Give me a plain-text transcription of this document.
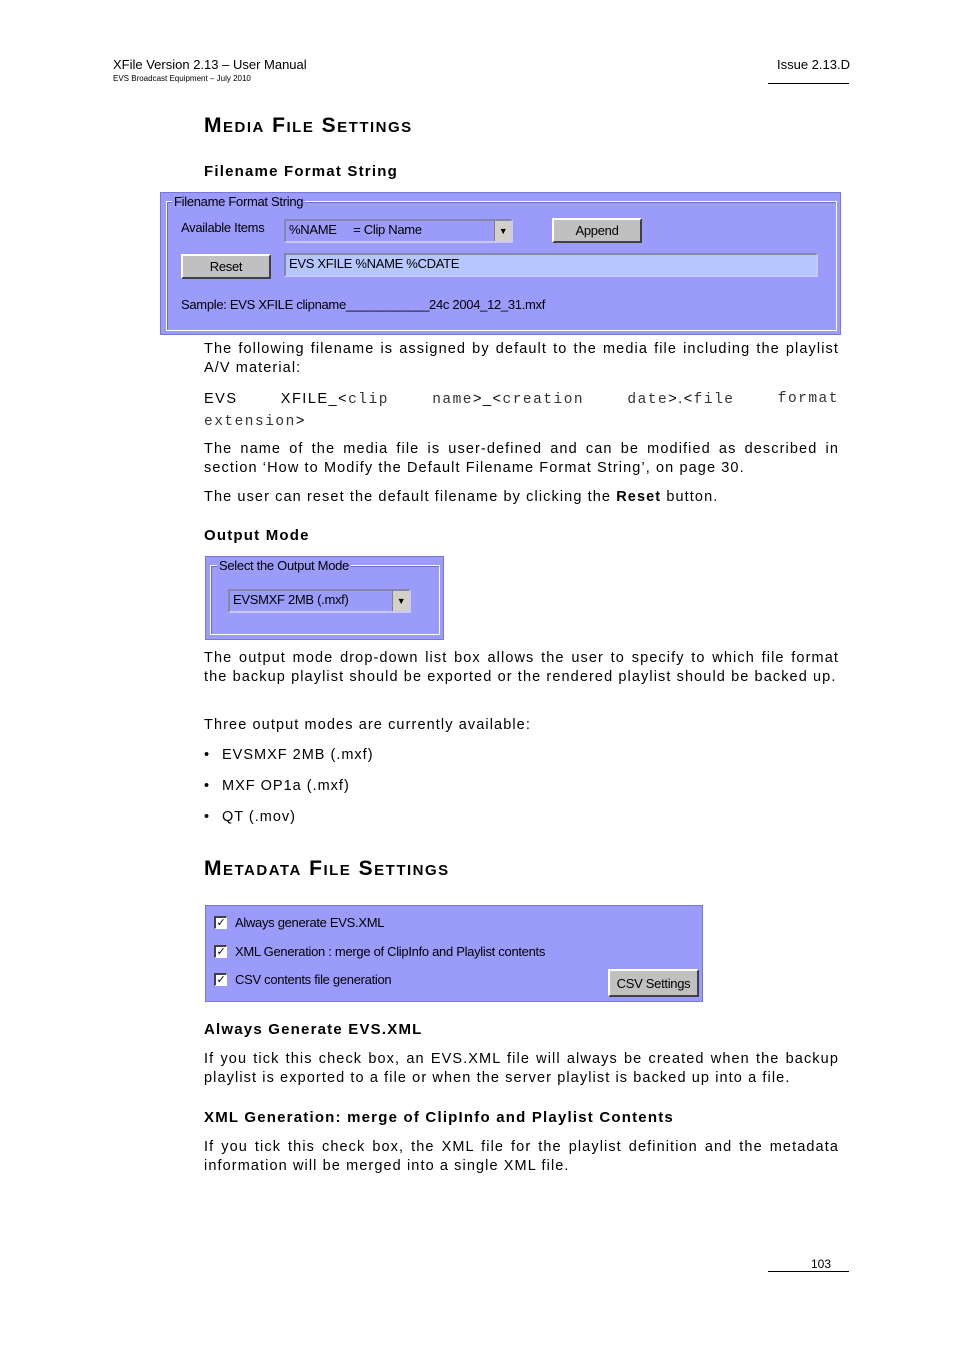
XFile Version 2.13 – User Manual
EVS Broadcast Equipment – July 2010
Issue 2.13.D
Media File Settings
Filename Format String
Filename Format String
Available Items	%NAME     = Clip Name	▼	Append
Reset	EVS XFILE %NAME %CDATE
Sample: EVS XFILE clipname____________24c 2004_12_31.mxf
The following filename is assigned by default to the media file including the playlist A/V material:
EVS	XFILE_<clip	name>_<creation	date>.<file	format
extension>
The name of the media file is user-defined and can be modified as described in section ‘How to Modify the Default Filename Format String’, on page 30.
The user can reset the default filename by clicking the Reset button.
Output Mode
Select the Output Mode
EVSMXF 2MB (.mxf)	▼
The output mode drop-down list box allows the user to specify to which file format the backup playlist should be exported or the rendered playlist should be backed up.
Three output modes are currently available:
• EVSMXF 2MB (.mxf)
• MXF OP1a (.mxf)
• QT (.mov)
Metadata File Settings
✓ Always generate EVS.XML
✓ XML Generation : merge of ClipInfo and Playlist contents
✓ CSV contents file generation	CSV Settings
Always Generate EVS.XML
If you tick this check box, an EVS.XML file will always be created when the backup playlist is exported to a file or when the server playlist is backed up into a file.
XML Generation: merge of ClipInfo and Playlist Contents
If you tick this check box, the XML file for the playlist definition and the metadata information will be merged into a single XML file.
103
